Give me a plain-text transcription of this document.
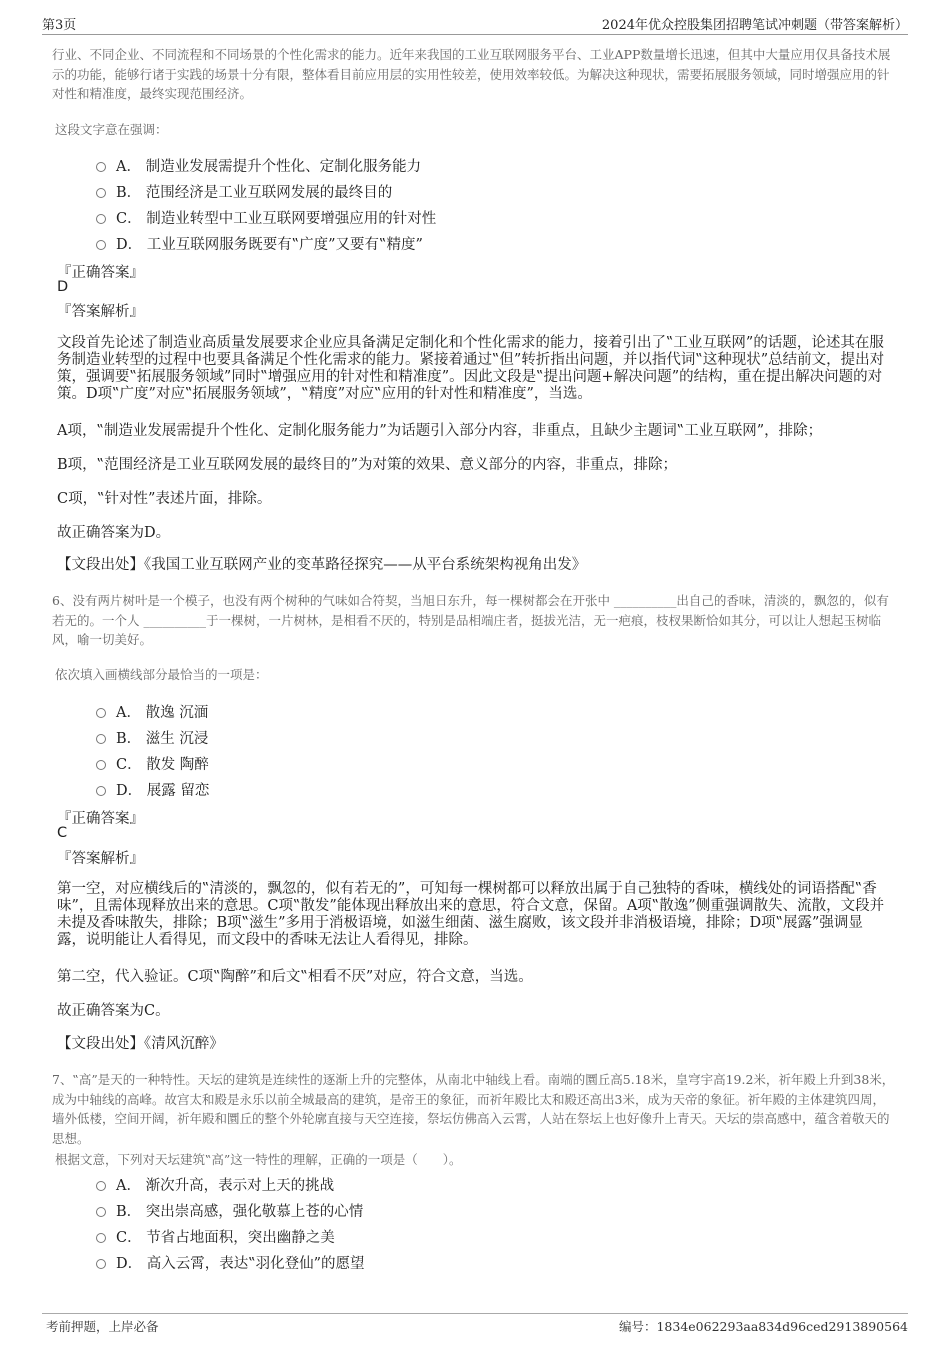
第3页	2024年优众控股集团招聘笔试冲刺题（带答案解析）
行业、不同企业、不同流程和不同场景的个性化需求的能力。近年来我国的工业互联网服务平台、工业APP数量增长迅速，但其中大量应用仅具备技术展示的功能，能够行诸于实践的场景十分有限，整体看目前应用层的实用性较差，使用效率较低。为解决这种现状，需要拓展服务领域，同时增强应用的针对性和精准度，最终实现范围经济。
这段文字意在强调：
A． 制造业发展需提升个性化、定制化服务能力
B． 范围经济是工业互联网发展的最终目的
C． 制造业转型中工业互联网要增强应用的针对性
D． 工业互联网服务既要有‟广度”又要有‟精度”
『正确答案』
D
『答案解析』
文段首先论述了制造业高质量发展要求企业应具备满足定制化和个性化需求的能力，接着引出了‟工业互联网”的话题，论述其在服务制造业转型的过程中也要具备满足个性化需求的能力。紧接着通过‟但”转折指出问题，并以指代词‟这种现状”总结前文，提出对策，强调要‟拓展服务领域”同时‟增强应用的针对性和精准度”。因此文段是‟提出问题+解决问题”的结构，重在提出解决问题的对策。D项‟广度”对应‟拓展服务领域”，‟精度”对应‟应用的针对性和精准度”，当选。
A项，‟制造业发展需提升个性化、定制化服务能力”为话题引入部分内容，非重点，且缺少主题词‟工业互联网”，排除；
B项，‟范围经济是工业互联网发展的最终目的”为对策的效果、意义部分的内容，非重点，排除；
C项，‟针对性”表述片面，排除。
故正确答案为D。
【文段出处】《我国工业互联网产业的变革路径探究——从平台系统架构视角出发》
6、没有两片树叶是一个模子，也没有两个树种的气味如合符契，当旭日东升，每一棵树都会在开张中 __________出自己的香味，清淡的，飘忽的，似有若无的。一个人 __________于一棵树，一片树林，是相看不厌的，特别是品相端庄者，挺拔光洁，无一疤痕，枝杈果断恰如其分，可以让人想起玉树临风，喻一切美好。
依次填入画横线部分最恰当的一项是：
A． 散逸 沉湎
B． 滋生 沉浸
C． 散发 陶醉
D． 展露 留恋
『正确答案』
C
『答案解析』
第一空，对应横线后的‟清淡的，飘忽的，似有若无的”，可知每一棵树都可以释放出属于自己独特的香味，横线处的词语搭配‟香味”，且需体现释放出来的意思。C项‟散发”能体现出释放出来的意思，符合文意，保留。A项‟散逸”侧重强调散失、流散，文段并未提及香味散失，排除；B项‟滋生”多用于消极语境，如滋生细菌、滋生腐败，该文段并非消极语境，排除；D项‟展露”强调显露，说明能让人看得见，而文段中的香味无法让人看得见，排除。
第二空，代入验证。C项‟陶醉”和后文‟相看不厌”对应，符合文意，当选。
故正确答案为C。
【文段出处】《清风沉醉》
7、‟高”是天的一种特性。天坛的建筑是连续性的逐渐上升的完整体，从南北中轴线上看。南端的圜丘高5.18米，皇穹宇高19.2米，祈年殿上升到38米，成为中轴线的高峰。故宫太和殿是永乐以前全城最高的建筑，是帝王的象征，而祈年殿比太和殿还高出3米，成为天帝的象征。祈年殿的主体建筑四周，墙外低楼，空间开阔，祈年殿和圜丘的整个外轮廓直接与天空连接，祭坛仿佛高入云霄，人站在祭坛上也好像升上青天。天坛的崇高感中，蕴含着敬天的思想。
根据文意，下列对天坛建筑‟高”这一特性的理解，正确的一项是（　　）。
A． 渐次升高，表示对上天的挑战
B． 突出崇高感，强化敬慕上苍的心情
C． 节省占地面积，突出幽静之美
D． 高入云霄，表达‟羽化登仙”的愿望
考前押题，上岸必备	编号：1834e062293aa834d96ced2913890564
